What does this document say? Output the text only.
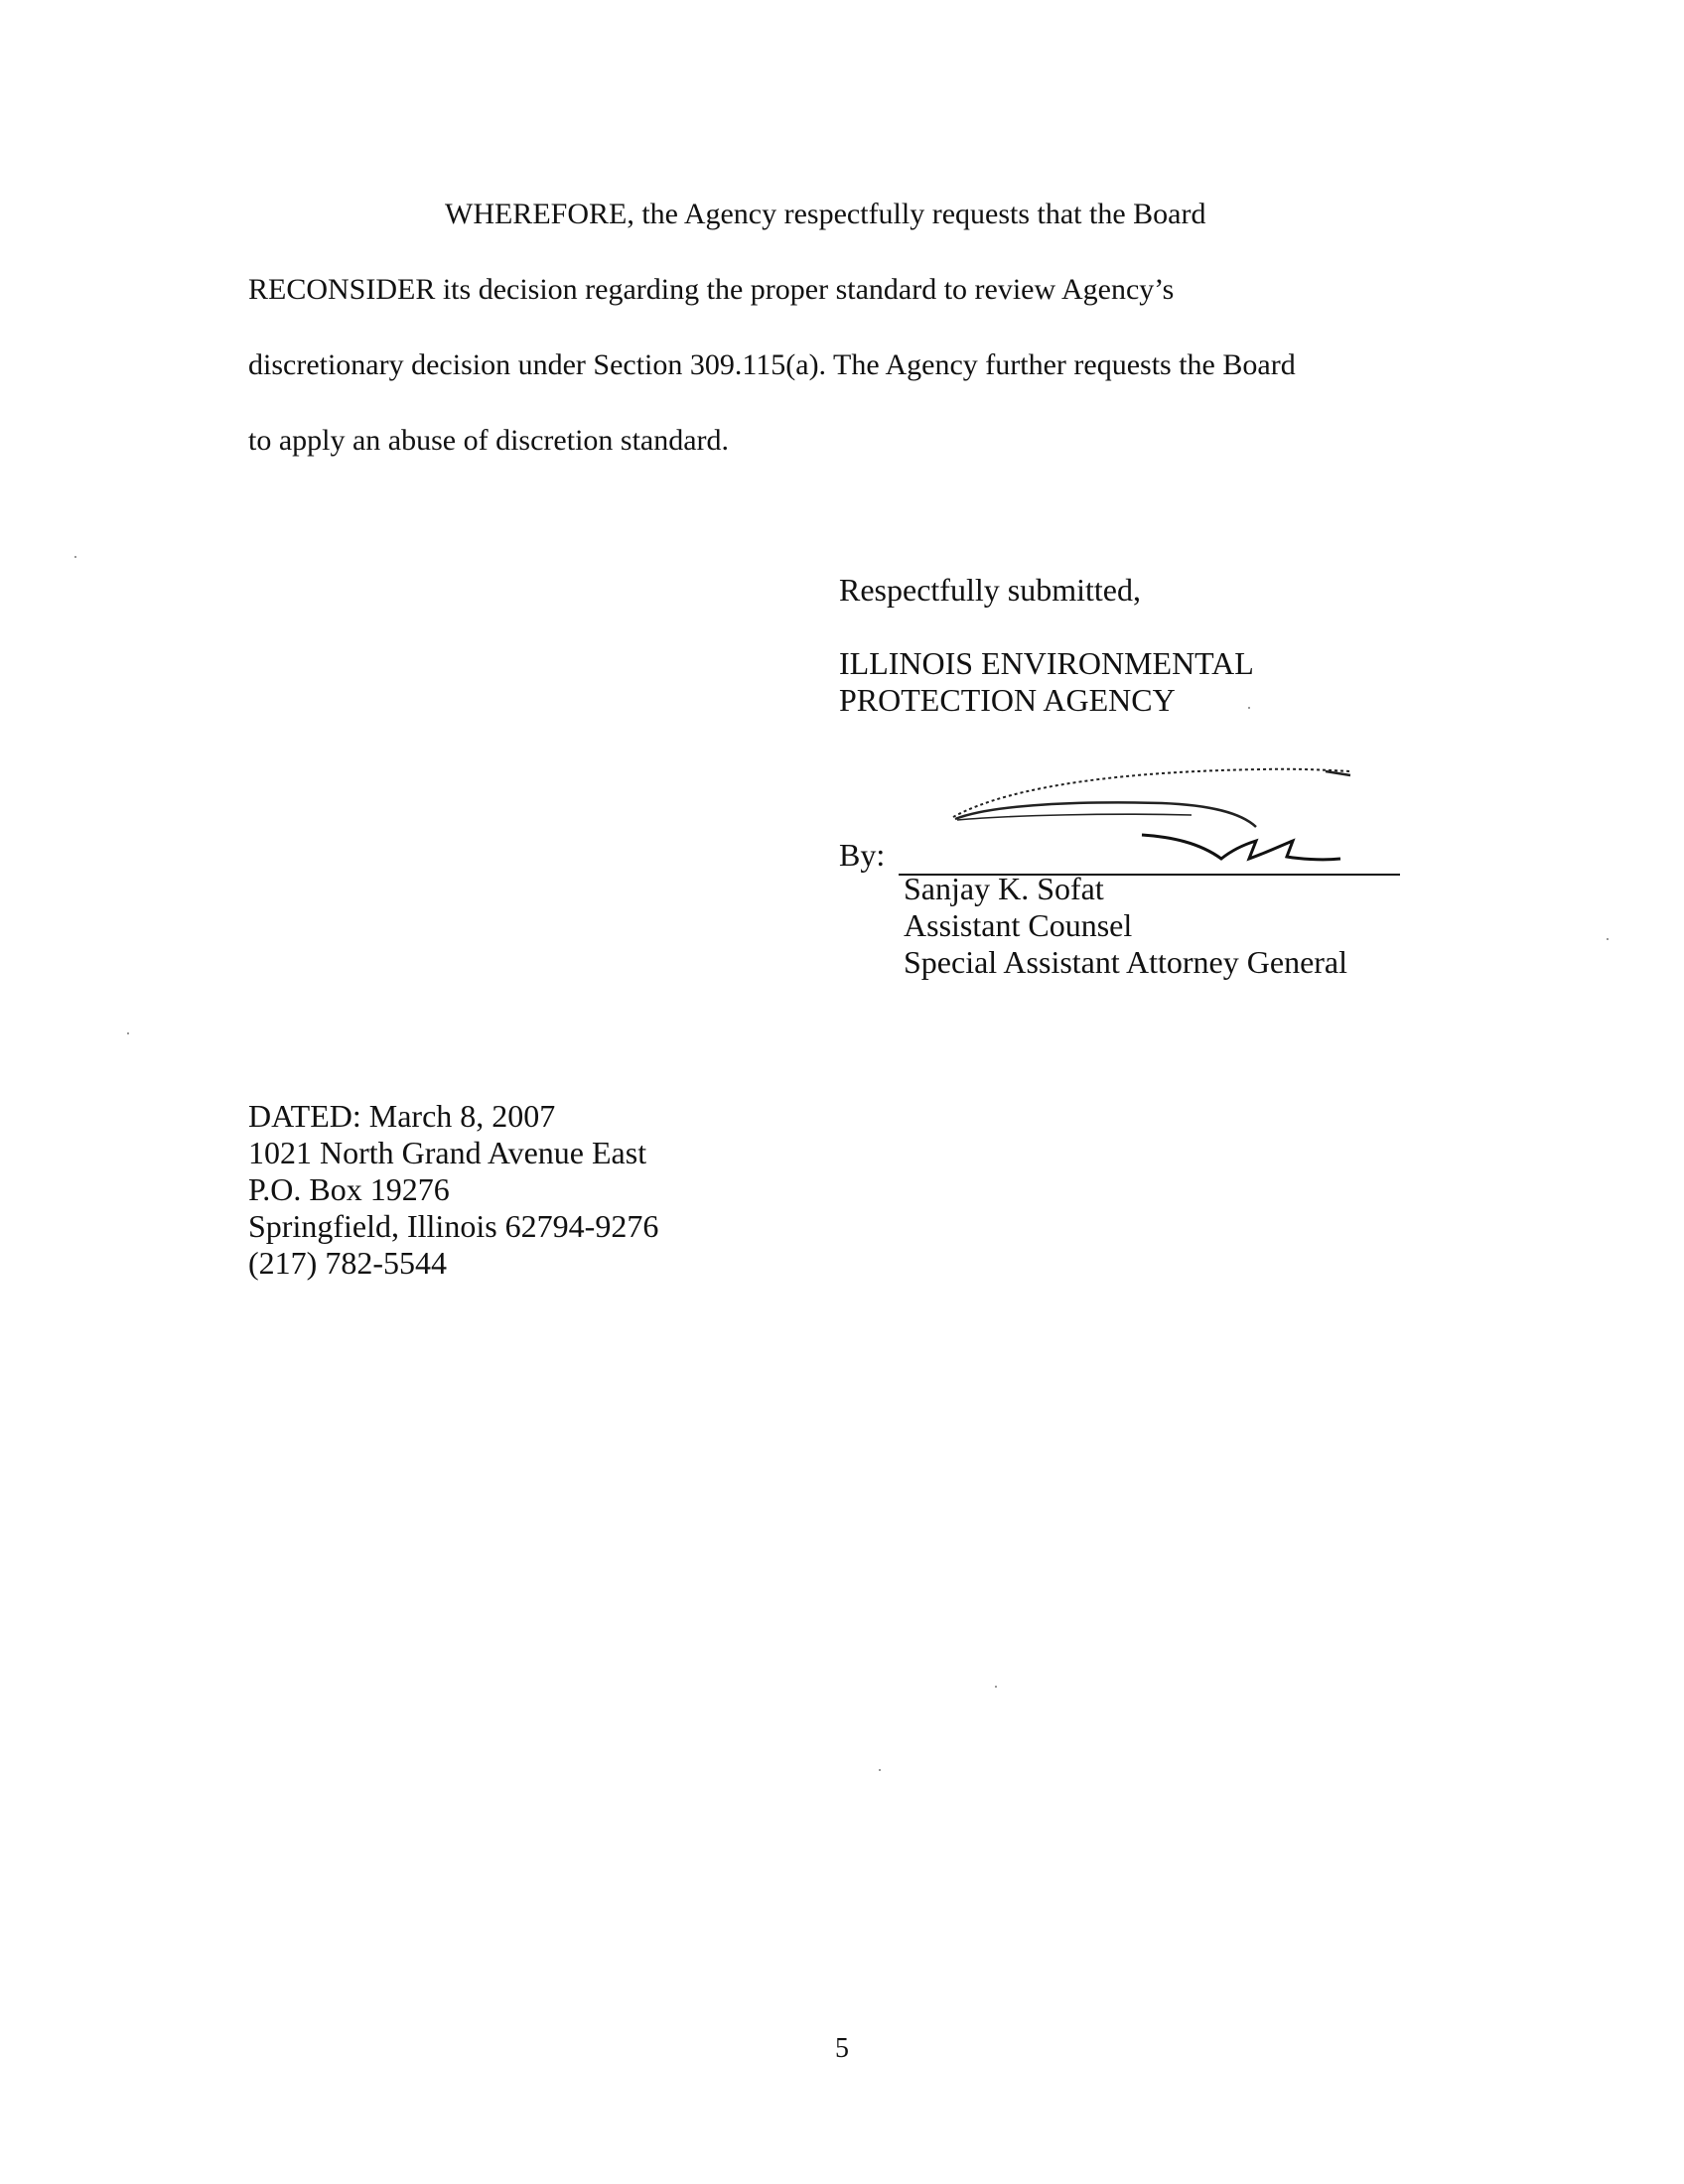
WHEREFORE, the Agency respectfully requests that the Board
RECONSIDER its decision regarding the proper standard to review Agency’s
discretionary decision under Section 309.115(a). The Agency further requests the Board
to apply an abuse of discretion standard.
Respectfully submitted,
ILLINOIS ENVIRONMENTAL
PROTECTION AGENCY
By:
Sanjay K. Sofat
Assistant Counsel
Special Assistant Attorney General
DATED: March 8, 2007
1021 North Grand Avenue East
P.O. Box 19276
Springfield, Illinois 62794-9276
(217) 782-5544
5
